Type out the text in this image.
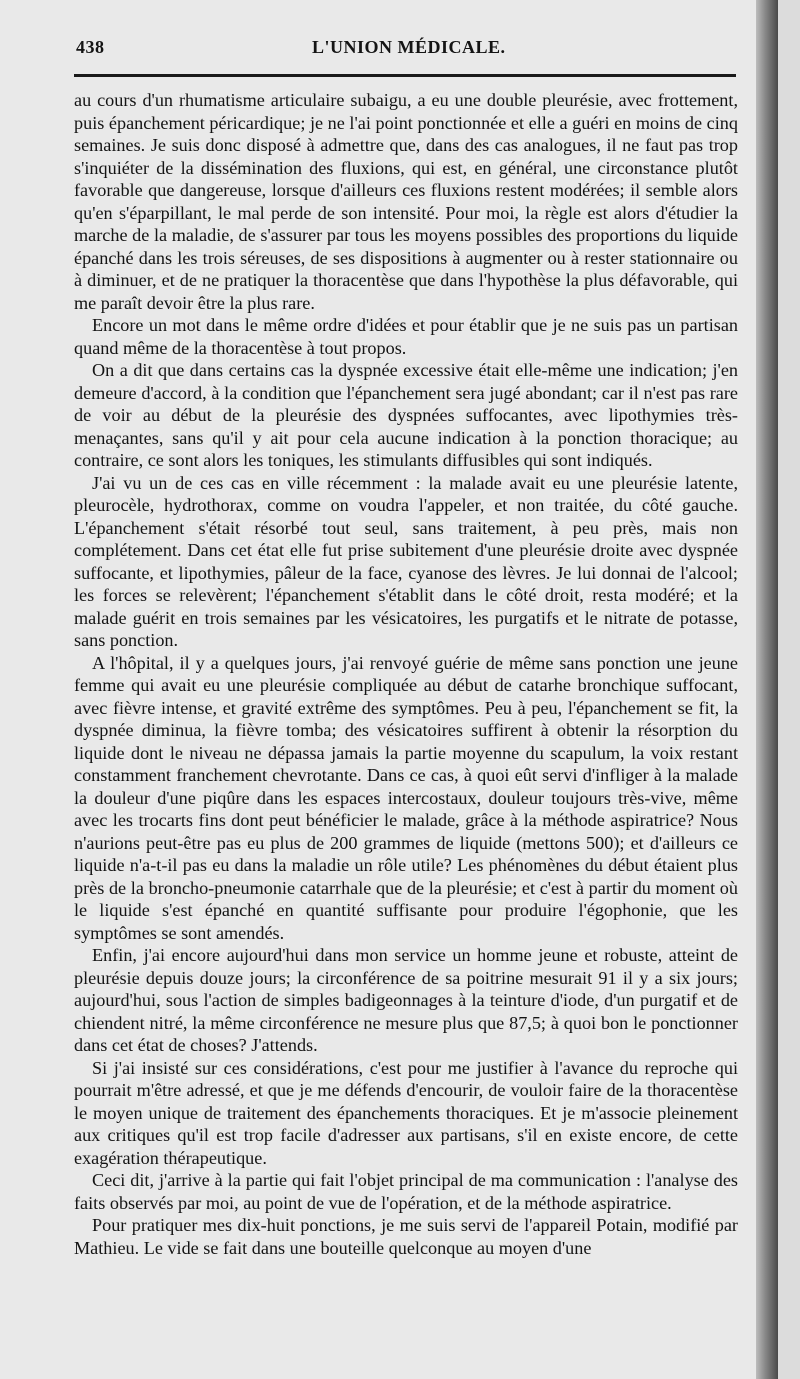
438	L'UNION MÉDICALE.

au cours d'un rhumatisme articulaire subaigu, a eu une double pleurésie, avec frottement, puis épanchement péricardique; je ne l'ai point ponctionnée et elle a guéri en moins de cinq semaines. Je suis donc disposé à admettre que, dans des cas analogues, il ne faut pas trop s'inquiéter de la dissémination des fluxions, qui est, en général, une circonstance plutôt favorable que dangereuse, lorsque d'ailleurs ces fluxions restent modérées; il semble alors qu'en s'éparpillant, le mal perde de son intensité. Pour moi, la règle est alors d'étudier la marche de la maladie, de s'assurer par tous les moyens possibles des proportions du liquide épanché dans les trois séreuses, de ses dispositions à augmenter ou à rester stationnaire ou à diminuer, et de ne pratiquer la thoracentèse que dans l'hypothèse la plus défavorable, qui me paraît devoir être la plus rare.

Encore un mot dans le même ordre d'idées et pour établir que je ne suis pas un partisan quand même de la thoracentèse à tout propos.

On a dit que dans certains cas la dyspnée excessive était elle-même une indication; j'en demeure d'accord, à la condition que l'épanchement sera jugé abondant; car il n'est pas rare de voir au début de la pleurésie des dyspnées suffocantes, avec lipothymies très-menaçantes, sans qu'il y ait pour cela aucune indication à la ponction thoracique; au contraire, ce sont alors les toniques, les stimulants diffusibles qui sont indiqués.

J'ai vu un de ces cas en ville récemment : la malade avait eu une pleurésie latente, pleurocèle, hydrothorax, comme on voudra l'appeler, et non traitée, du côté gauche. L'épanchement s'était résorbé tout seul, sans traitement, à peu près, mais non complétement. Dans cet état elle fut prise subitement d'une pleurésie droite avec dyspnée suffocante, et lipothymies, pâleur de la face, cyanose des lèvres. Je lui donnai de l'alcool; les forces se relevèrent; l'épanchement s'établit dans le côté droit, resta modéré; et la malade guérit en trois semaines par les vésicatoires, les purgatifs et le nitrate de potasse, sans ponction.

A l'hôpital, il y a quelques jours, j'ai renvoyé guérie de même sans ponction une jeune femme qui avait eu une pleurésie compliquée au début de catarhe bronchique suffocant, avec fièvre intense, et gravité extrême des symptômes. Peu à peu, l'épanchement se fit, la dyspnée diminua, la fièvre tomba; des vésicatoires suffirent à obtenir la résorption du liquide dont le niveau ne dépassa jamais la partie moyenne du scapulum, la voix restant constamment franchement chevrotante. Dans ce cas, à quoi eût servi d'infliger à la malade la douleur d'une piqûre dans les espaces intercostaux, douleur toujours très-vive, même avec les trocarts fins dont peut bénéficier le malade, grâce à la méthode aspiratrice? Nous n'aurions peut-être pas eu plus de 200 grammes de liquide (mettons 500); et d'ailleurs ce liquide n'a-t-il pas eu dans la maladie un rôle utile? Les phénomènes du début étaient plus près de la broncho-pneumonie catarrhale que de la pleurésie; et c'est à partir du moment où le liquide s'est épanché en quantité suffisante pour produire l'égophonie, que les symptômes se sont amendés.

Enfin, j'ai encore aujourd'hui dans mon service un homme jeune et robuste, atteint de pleurésie depuis douze jours; la circonférence de sa poitrine mesurait 91 il y a six jours; aujourd'hui, sous l'action de simples badigeonnages à la teinture d'iode, d'un purgatif et de chiendent nitré, la même circonférence ne mesure plus que 87,5; à quoi bon le ponctionner dans cet état de choses? J'attends.

Si j'ai insisté sur ces considérations, c'est pour me justifier à l'avance du reproche qui pourrait m'être adressé, et que je me défends d'encourir, de vouloir faire de la thoracentèse le moyen unique de traitement des épanchements thoraciques. Et je m'associe pleinement aux critiques qu'il est trop facile d'adresser aux partisans, s'il en existe encore, de cette exagération thérapeutique.

Ceci dit, j'arrive à la partie qui fait l'objet principal de ma communication : l'analyse des faits observés par moi, au point de vue de l'opération, et de la méthode aspiratrice.

Pour pratiquer mes dix-huit ponctions, je me suis servi de l'appareil Potain, modifié par Mathieu. Le vide se fait dans une bouteille quelconque au moyen d'une
